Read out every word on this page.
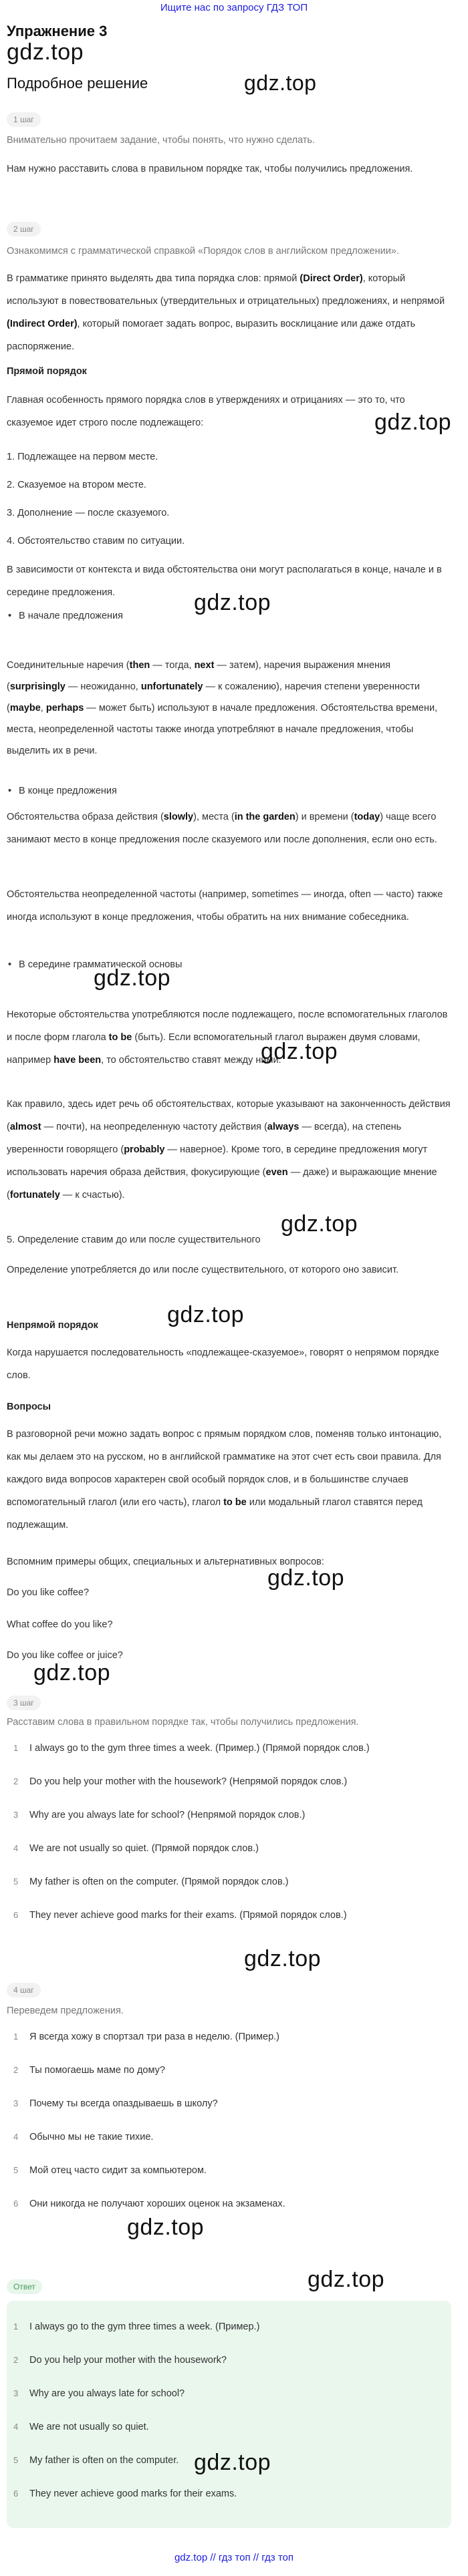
Ищите нас по запросу ГДЗ ТОП
Упражнение 3
gdz.top
Подробное решение	gdz.top
1 шаг
Внимательно прочитаем задание, чтобы понять, что нужно сделать.
Нам нужно расставить слова в правильном порядке так, чтобы получились предложения.
2 шаг
Ознакомимся с грамматической справкой «Порядок слов в английском предложении».
В грамматике принято выделять два типа порядка слов: прямой (Direct Order), который используют в повествовательных (утвердительных и отрицательных) предложениях, и непрямой (Indirect Order), который помогает задать вопрос, выразить восклицание или даже отдать распоряжение.
Прямой порядок
Главная особенность прямого порядка слов в утверждениях и отрицаниях — это то, что сказуемое идет строго после подлежащего:	gdz.top
1. Подлежащее на первом месте.
2. Сказуемое на втором месте.
3. Дополнение — после сказуемого.
4. Обстоятельство ставим по ситуации.
В зависимости от контекста и вида обстоятельства они могут располагаться в конце, начале и в середине предложения.
• В начале предложения
gdz.top
Соединительные наречия (then — тогда, next — затем), наречия выражения мнения (surprisingly — неожиданно, unfortunately — к сожалению), наречия степени уверенности (maybe, perhaps — может быть) используют в начале предложения. Обстоятельства времени, места, неопределенной частоты также иногда употребляют в начале предложения, чтобы выделить их в речи.
• В конце предложения
Обстоятельства образа действия (slowly), места (in the garden) и времени (today) чаще всего занимают место в конце предложения после сказуемого или после дополнения, если оно есть.
Обстоятельства неопределенной частоты (например, sometimes — иногда, often — часто) также иногда используют в конце предложения, чтобы обратить на них внимание собеседника.
• В середине грамматической основы
gdz.top
Некоторые обстоятельства употребляются после подлежащего, после вспомогательных глаголов и после форм глагола to be (быть). Если вспомогательный глагол выражен двумя словами, например have been, то обстоятельство ставят между ними.
gdz.top
Как правило, здесь идет речь об обстоятельствах, которые указывают на законченность действия (almost — почти), на неопределенную частоту действия (always — всегда), на степень уверенности говорящего (probably — наверное). Кроме того, в середине предложения могут использовать наречия образа действия, фокусирующие (even — даже) и выражающие мнение (fortunately — к счастью).
5. Определение ставим до или после существительного
gdz.top
Определение употребляется до или после существительного, от которого оно зависит.
Непрямой порядок	gdz.top
Когда нарушается последовательность «подлежащее-сказуемое», говорят о непрямом порядке слов.
Вопросы
В разговорной речи можно задать вопрос с прямым порядком слов, поменяв только интонацию, как мы делаем это на русском, но в английской грамматике на этот счет есть свои правила. Для каждого вида вопросов характерен свой особый порядок слов, и в большинстве случаев вспомогательный глагол (или его часть), глагол to be или модальный глагол ставятся перед подлежащим.
Вспомним примеры общих, специальных и альтернативных вопросов:
gdz.top
Do you like coffee?
What coffee do you like?
Do you like coffee or juice?
gdz.top
3 шаг
Расставим слова в правильном порядке так, чтобы получились предложения.
1 I always go to the gym three times a week. (Пример.) (Прямой порядок слов.)
2 Do you help your mother with the housework? (Непрямой порядок слов.)
3 Why are you always late for school? (Непрямой порядок слов.)
4 We are not usually so quiet. (Прямой порядок слов.)
5 My father is often on the computer. (Прямой порядок слов.)
6 They never achieve good marks for their exams. (Прямой порядок слов.)
gdz.top
4 шаг
Переведем предложения.
1 Я всегда хожу в спортзал три раза в неделю. (Пример.)
2 Ты помогаешь маме по дому?
3 Почему ты всегда опаздываешь в школу?
4 Обычно мы не такие тихие.
5 Мой отец часто сидит за компьютером.
6 Они никогда не получают хороших оценок на экзаменах.
gdz.top
Ответ	gdz.top
1 I always go to the gym three times a week. (Пример.)
2 Do you help your mother with the housework?
3 Why are you always late for school?
4 We are not usually so quiet.
5 My father is often on the computer.
6 They never achieve good marks for their exams.
gdz.top
gdz.top // гдз топ // гдз топ
